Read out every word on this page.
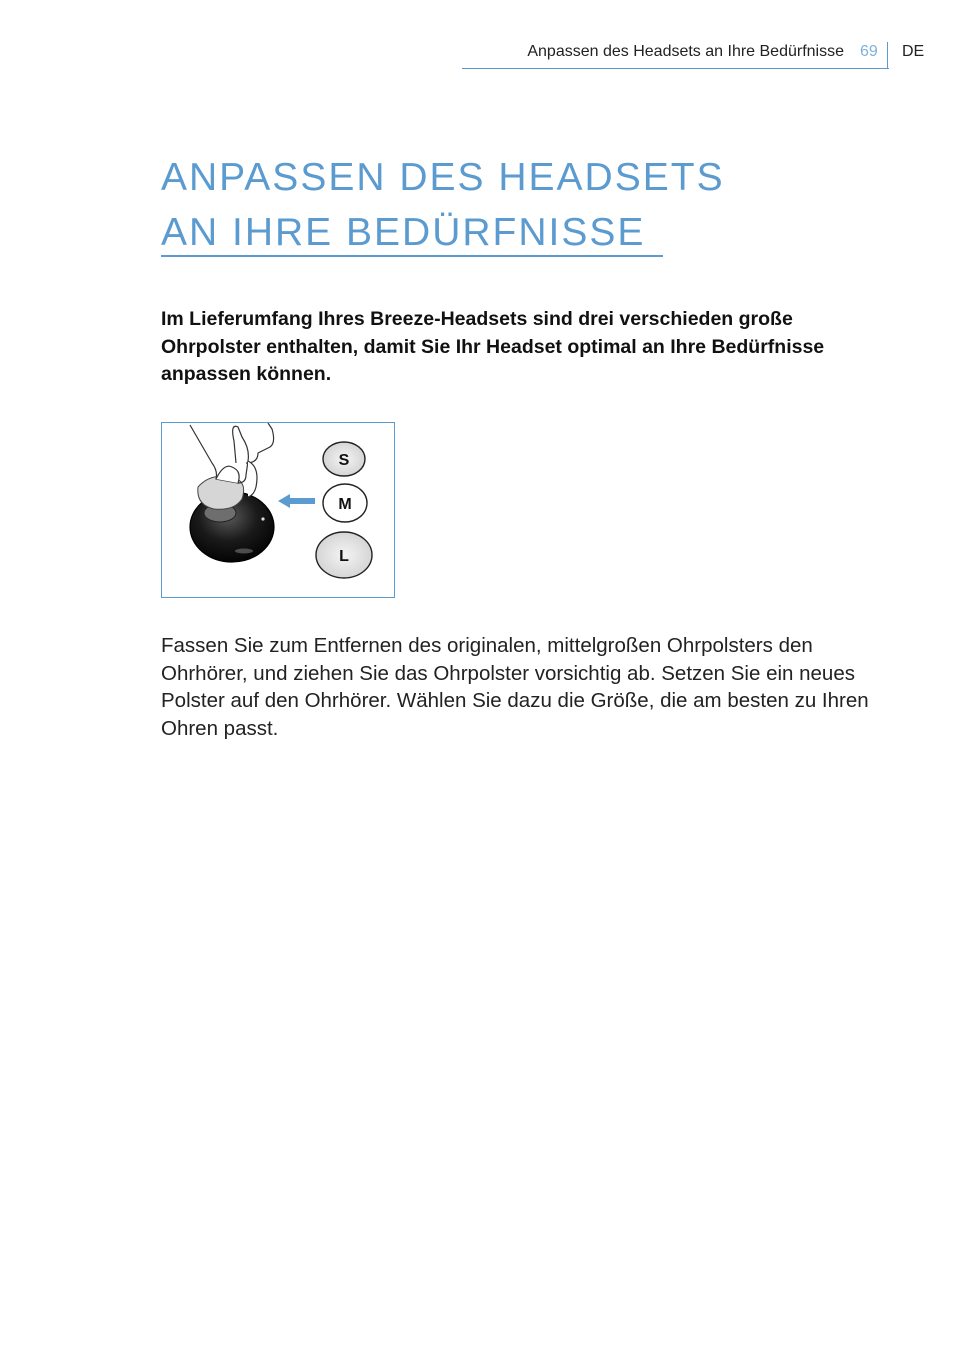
Anpassen des Headsets an Ihre Bedürfnisse 69 DE
ANPASSEN DES HEADSETS
AN IHRE BEDÜRFNISSE

Im Lieferumfang Ihres Breeze-Headsets sind drei verschieden große Ohrpolster enthalten, damit Sie Ihr Headset optimal an Ihre Bedürfnisse anpassen können.

S
M
L

Fassen Sie zum Entfernen des originalen, mittelgroßen Ohrpolsters den Ohrhörer, und ziehen Sie das Ohrpolster vorsichtig ab. Setzen Sie ein neues Polster auf den Ohrhörer. Wählen Sie dazu die Größe, die am besten zu Ihren Ohren passt.
